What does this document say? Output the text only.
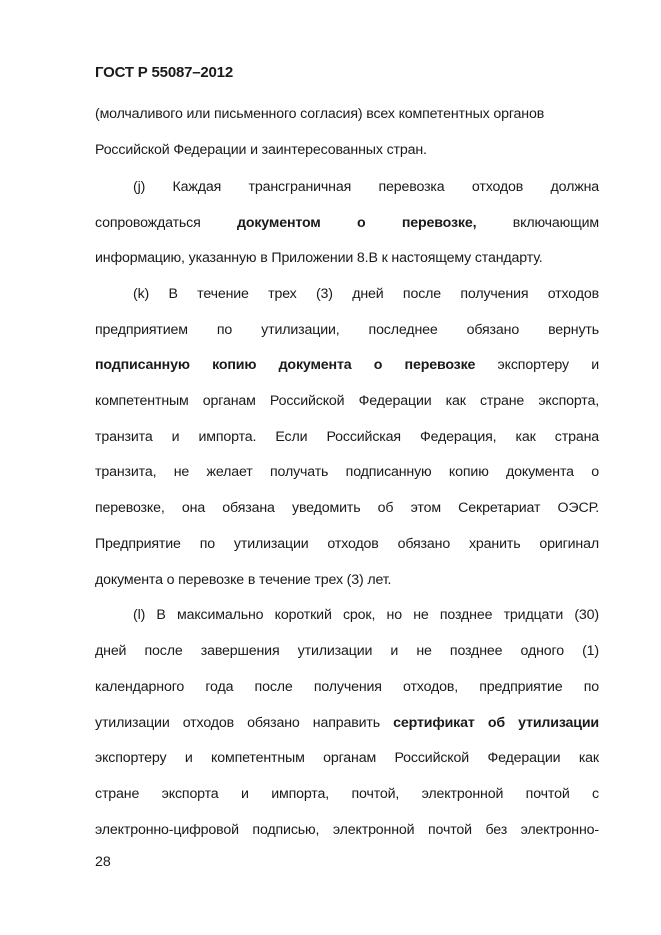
ГОСТ Р 55087–2012
(молчаливого или письменного согласия) всех компетентных органов
Российской Федерации и заинтересованных стран.
(j) Каждая трансграничная перевозка отходов должна
сопровождаться документом о перевозке, включающим
информацию, указанную в Приложении 8.В к настоящему стандарту.
(k) В течение трех (3) дней после получения отходов
предприятием по утилизации, последнее обязано вернуть
подписанную копию документа о перевозке экспортеру и
компетентным органам Российской Федерации как стране экспорта,
транзита и импорта. Если Российская Федерация, как страна
транзита, не желает получать подписанную копию документа о
перевозке, она обязана уведомить об этом Секретариат ОЭСР.
Предприятие по утилизации отходов обязано хранить оригинал
документа о перевозке в течение трех (3) лет.
(l) В максимально короткий срок, но не позднее тридцати (30)
дней после завершения утилизации и не позднее одного (1)
календарного года после получения отходов, предприятие по
утилизации отходов обязано направить сертификат об утилизации
экспортеру и компетентным органам Российской Федерации как
стране экспорта и импорта, почтой, электронной почтой с
электронно-цифровой подписью, электронной почтой без электронно-
28
